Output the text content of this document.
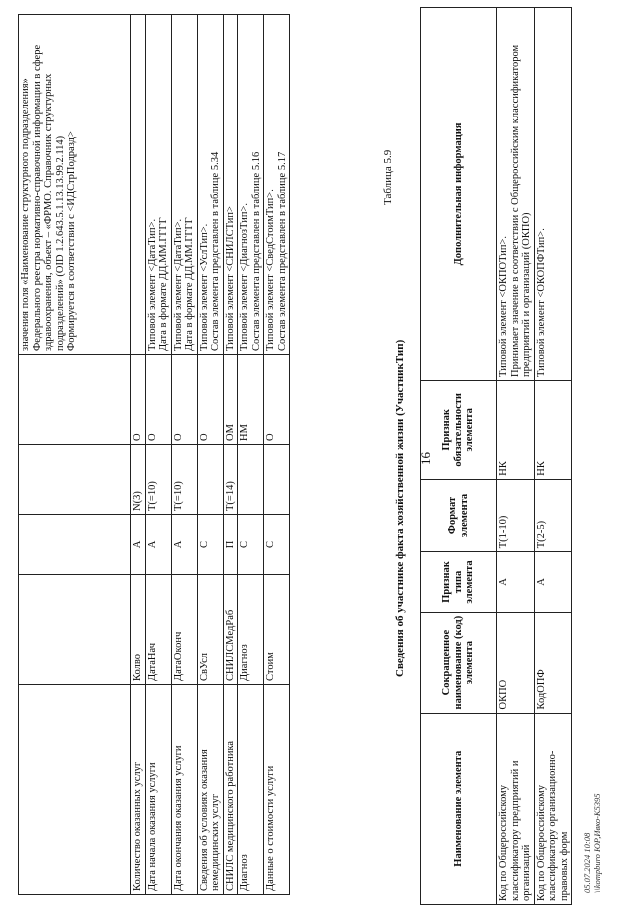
					значения поля «Наименование структурного подразделения» Федерального реестра нормативно-справочной информации в сфере здравоохранения, объект – «ФРМО. Справочник структурных подразделений» (OID 1.2.643.5.1.13.13.99.2.114)
Формируется в соответствии с <ИДСтрПодразд>
Количество оказанных услуг	Колво	А	N(3)	О	
Дата начала оказания услуги	ДатаНач	А	T(=10)	О	Типовой элемент <ДатаТип>.
Дата в формате ДД.ММ.ГГГГ
Дата окончания оказания услуги	ДатаОконч	А	T(=10)	О	Типовой элемент <ДатаТип>.
Дата в формате ДД.ММ.ГГГГ
Сведения об условиях оказания немедицинских услуг	СвУсл	С		О	Типовой элемент <УслТип>.
Состав элемента представлен в таблице 5.34
СНИЛС медицинского работника	СНИЛСМедРаб	П	T(=14)	ОМ	Типовой элемент <СНИЛСТип>
Диагноз	Диагноз	С		НМ	Типовой элемент <ДиагнозТип>.
Состав элемента представлен в таблице 5.16
Данные о стоимости услуги	Стоим	С		О	Типовой элемент <СведСтоимТип>.
Состав элемента представлен в таблице 5.17
16
Таблица 5.9
Сведения об участнике факта хозяйственной жизни (УчастникТип)
Наименование элемента	Сокращенное наименование (код) элемента	Признак типа элемента	Формат элемента	Признак обязательности элемента	Дополнительная информация
Код по Общероссийскому классификатору предприятий и организаций	ОКПО	А	T(1-10)	НК	Типовой элемент <ОКПОТип>.
Принимает значение в соответствии с Общероссийским классификатором предприятий и организаций (ОКПО)
Код по Общероссийскому классификатору организационно-правовых форм	КодОПФ	А	T(2-5)	НК	Типовой элемент <ОКОПФТип>.
05.07.2024 10:08 \\kompburo ЮР,Ивко-К5395
